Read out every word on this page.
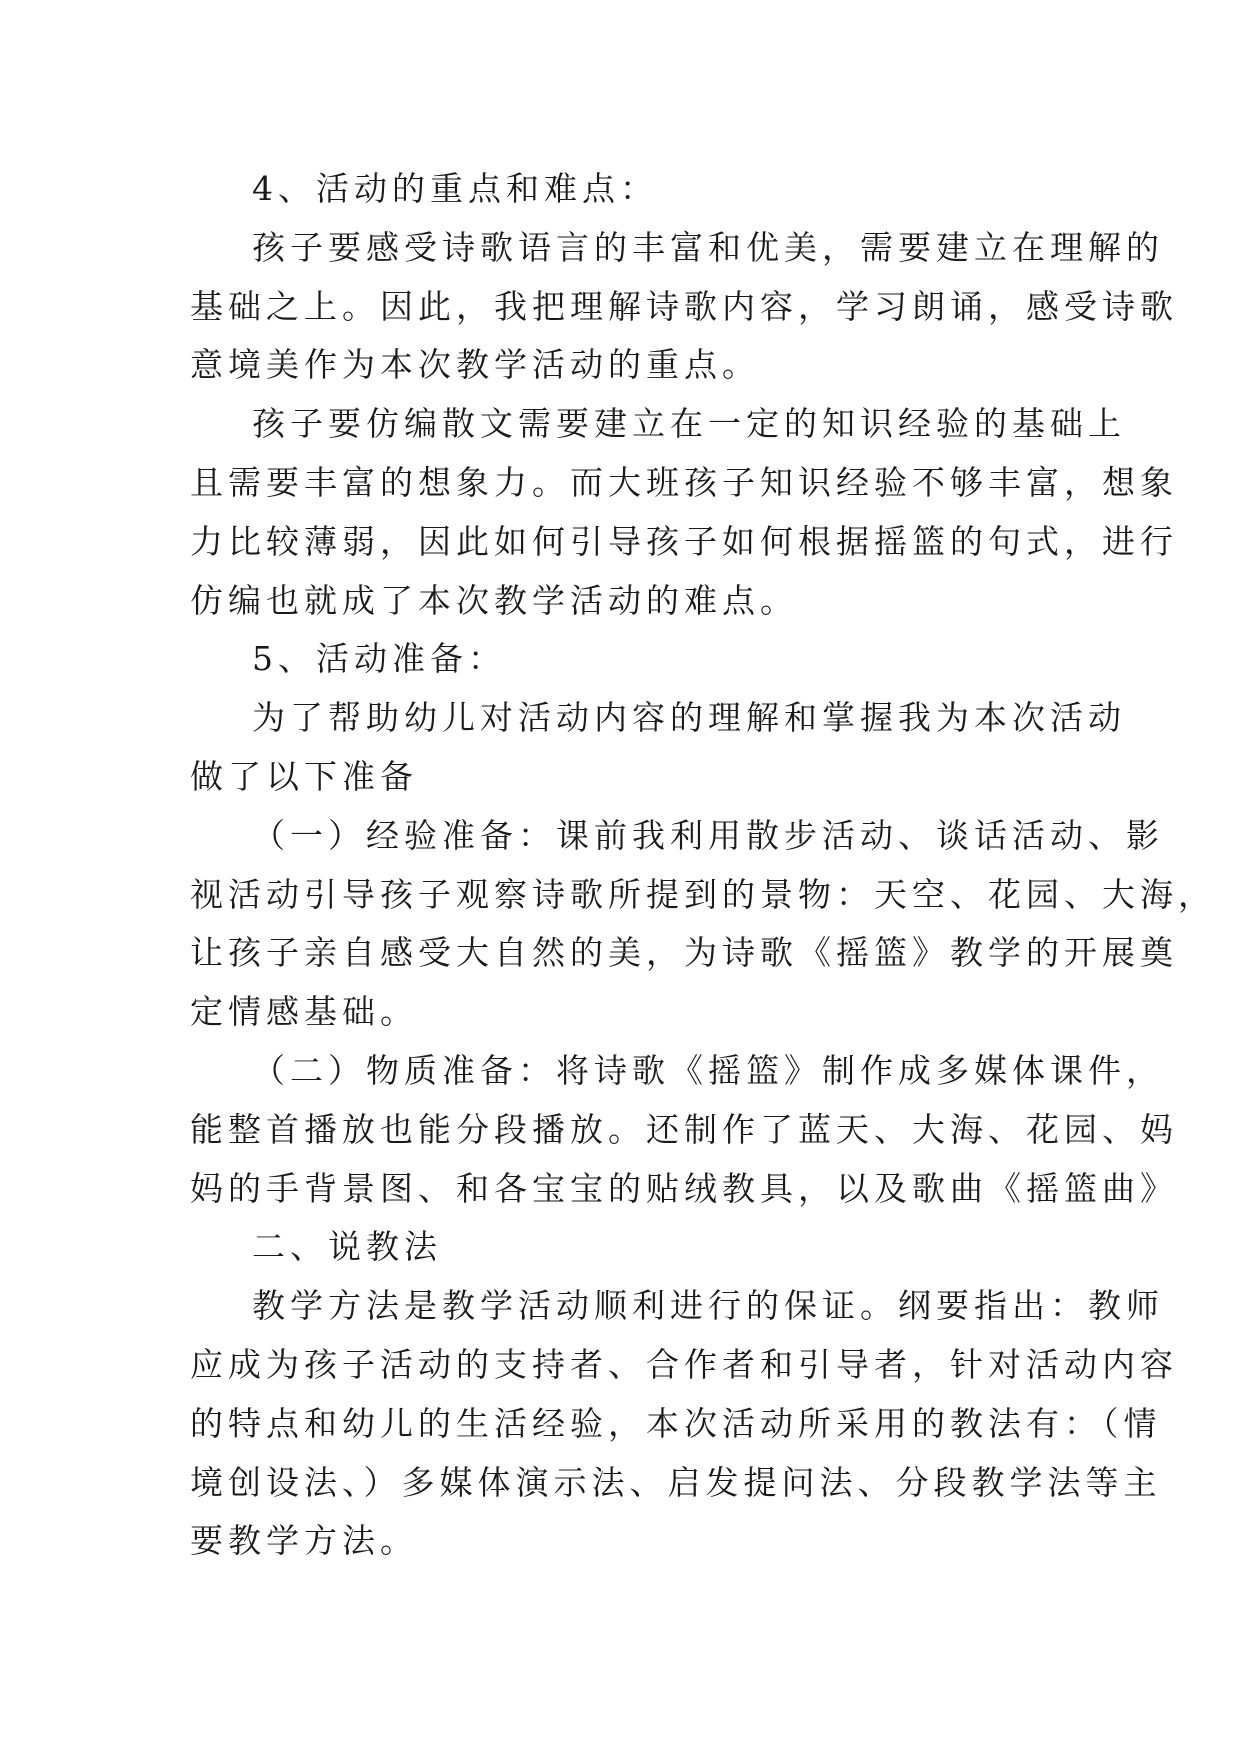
4、活动的重点和难点：
孩子要感受诗歌语言的丰富和优美，需要建立在理解的
基础之上。因此，我把理解诗歌内容，学习朗诵，感受诗歌
意境美作为本次教学活动的重点。
孩子要仿编散文需要建立在一定的知识经验的基础上
且需要丰富的想象力。而大班孩子知识经验不够丰富，想象
力比较薄弱，因此如何引导孩子如何根据摇篮的句式，进行
仿编也就成了本次教学活动的难点。
5、活动准备：
为了帮助幼儿对活动内容的理解和掌握我为本次活动
做了以下准备
（一）经验准备：课前我利用散步活动、谈话活动、影
视活动引导孩子观察诗歌所提到的景物：天空、花园、大海，
让孩子亲自感受大自然的美，为诗歌《摇篮》教学的开展奠
定情感基础。
（二）物质准备：将诗歌《摇篮》制作成多媒体课件，
能整首播放也能分段播放。还制作了蓝天、大海、花园、妈
妈的手背景图、和各宝宝的贴绒教具，以及歌曲《摇篮曲》
二、说教法
教学方法是教学活动顺利进行的保证。纲要指出：教师
应成为孩子活动的支持者、合作者和引导者，针对活动内容
的特点和幼儿的生活经验，本次活动所采用的教法有：（情
境创设法、）多媒体演示法、启发提问法、分段教学法等主
要教学方法。
